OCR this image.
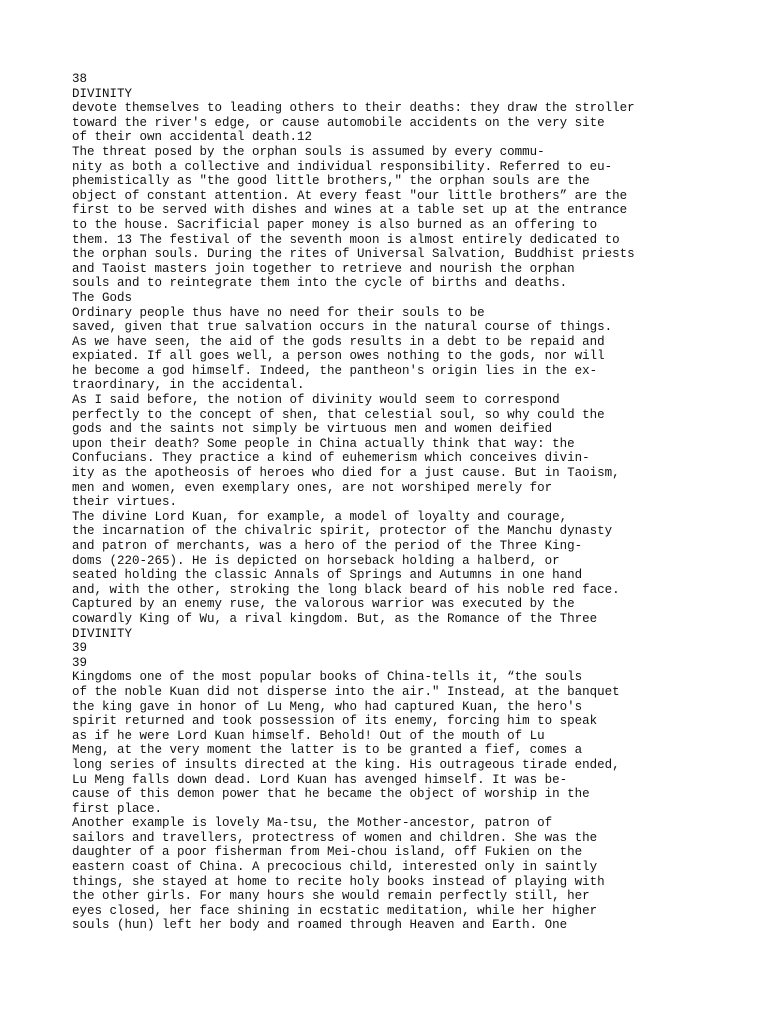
38
DIVINITY
devote themselves to leading others to their deaths: they draw the stroller
toward the river's edge, or cause automobile accidents on the very site
of their own accidental death.12
The threat posed by the orphan souls is assumed by every commu-
nity as both a collective and individual responsibility. Referred to eu-
phemistically as "the good little brothers," the orphan souls are the
object of constant attention. At every feast "our little brothers” are the
first to be served with dishes and wines at a table set up at the entrance
to the house. Sacrificial paper money is also burned as an offering to
them. 13 The festival of the seventh moon is almost entirely dedicated to
the orphan souls. During the rites of Universal Salvation, Buddhist priests
and Taoist masters join together to retrieve and nourish the orphan
souls and to reintegrate them into the cycle of births and deaths.
The Gods
Ordinary people thus have no need for their souls to be
saved, given that true salvation occurs in the natural course of things.
As we have seen, the aid of the gods results in a debt to be repaid and
expiated. If all goes well, a person owes nothing to the gods, nor will
he become a god himself. Indeed, the pantheon's origin lies in the ex-
traordinary, in the accidental.
As I said before, the notion of divinity would seem to correspond
perfectly to the concept of shen, that celestial soul, so why could the
gods and the saints not simply be virtuous men and women deified
upon their death? Some people in China actually think that way: the
Confucians. They practice a kind of euhemerism which conceives divin-
ity as the apotheosis of heroes who died for a just cause. But in Taoism,
men and women, even exemplary ones, are not worshiped merely for
their virtues.
The divine Lord Kuan, for example, a model of loyalty and courage,
the incarnation of the chivalric spirit, protector of the Manchu dynasty
and patron of merchants, was a hero of the period of the Three King-
doms (220-265). He is depicted on horseback holding a halberd, or
seated holding the classic Annals of Springs and Autumns in one hand
and, with the other, stroking the long black beard of his noble red face.
Captured by an enemy ruse, the valorous warrior was executed by the
cowardly King of Wu, a rival kingdom. But, as the Romance of the Three
DIVINITY
39
39
Kingdoms one of the most popular books of China-tells it, “the souls
of the noble Kuan did not disperse into the air." Instead, at the banquet
the king gave in honor of Lu Meng, who had captured Kuan, the hero's
spirit returned and took possession of its enemy, forcing him to speak
as if he were Lord Kuan himself. Behold! Out of the mouth of Lu
Meng, at the very moment the latter is to be granted a fief, comes a
long series of insults directed at the king. His outrageous tirade ended,
Lu Meng falls down dead. Lord Kuan has avenged himself. It was be-
cause of this demon power that he became the object of worship in the
first place.
Another example is lovely Ma-tsu, the Mother-ancestor, patron of
sailors and travellers, protectress of women and children. She was the
daughter of a poor fisherman from Mei-chou island, off Fukien on the
eastern coast of China. A precocious child, interested only in saintly
things, she stayed at home to recite holy books instead of playing with
the other girls. For many hours she would remain perfectly still, her
eyes closed, her face shining in ecstatic meditation, while her higher
souls (hun) left her body and roamed through Heaven and Earth. One
